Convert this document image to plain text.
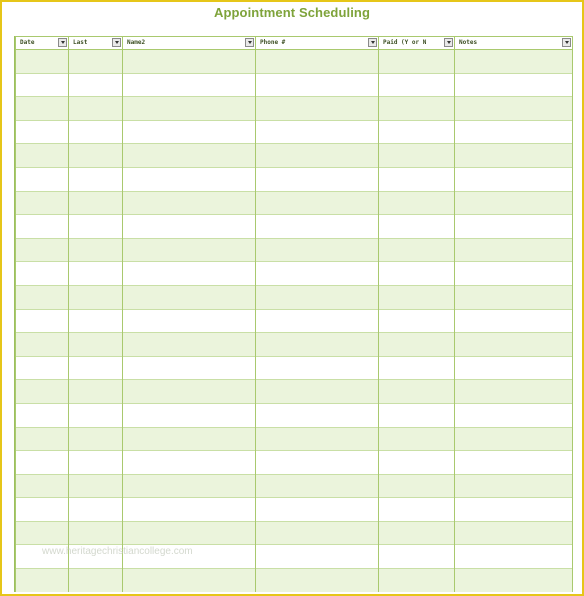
Appointment Scheduling
Date	Last	Name2	Phone #	Paid (Y or N	Notes

www.heritagechristiancollege.com
